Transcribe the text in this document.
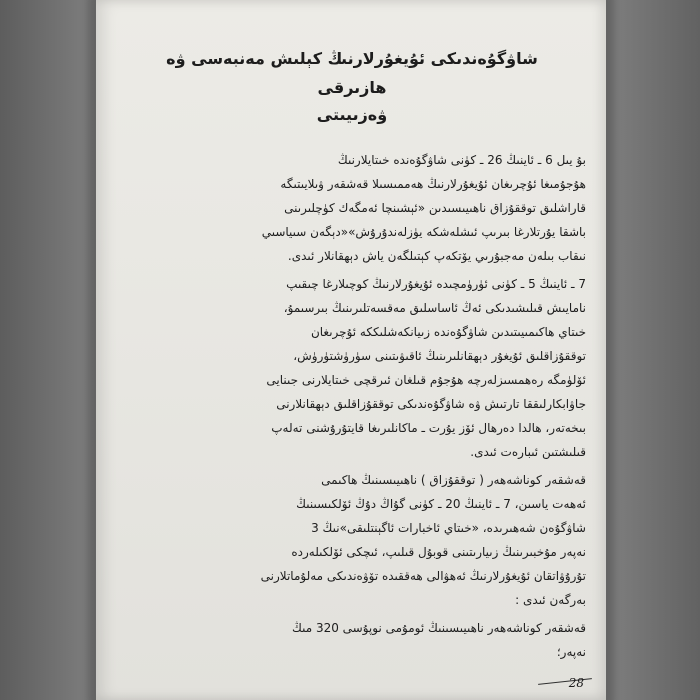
شاۋگۇەندىكى ئۇيغۇرلارنىڭ كېلىش مەنبەسى ۋە ھازىرقى
ۋەزىيىتى

بۇ يىل 6 ـ ئاينىڭ 26 ـ كۈنى شاۋگۇەندە خىتايلارنىڭ

ھۇجۇمىغا ئۇچرىغان ئۇيغۇرلارنىڭ ھەممىسىلا قەشقەر ۋىلايىتىگە

قاراشلىق توققۇزاق ناھىيىسىدىن «ئېشىنچا ئەمگەك كۈچلىرىنى

باشقا يۇرتلارغا بىرىپ ئىشلەشكە يۈزلەندۇرۇش»«دېگەن سىياسىي

نىقاب بىلەن مەجبۇرىي يۆتكەپ كېتىلگەن ياش دېھقانلار ئىدى.

7 ـ ئاينىڭ 5 ـ كۈنى ئۈرۈمچىدە ئۇيغۇرلارنىڭ كوچىلارغا چىقىپ

نامايىش قىلىشىدىكى ئەڭ ئاساسلىق مەقسەتلىرىنىڭ بىرسىمۇ،

خىتاي ھاكىمىيىتىدىن شاۋگۇەندە زىيانكەشلىككە ئۇچرىغان

توققۇزاقلىق ئۇيغۇر دېھقانلىرىنىڭ ئاقىۋىتىنى سۈرۈشتۈرۈش،

ئۆلۈمگە رەھمسىزلەرچە ھۇجۇم قىلغان ئىرقچى خىتايلارنى جىنايى

جاۋابكارلىققا تارتىش ۋە شاۋگۇەندىكى توققۇزاقلىق دېھقانلارنى

بىخەتەر، ھالدا دەرھال ئۆز يۇرت ـ ماكانلىرىغا قايتۇرۇشنى تەلەپ

قىلىشتىن ئىبارەت ئىدى.

قەشقەر كوناشەھەر ( توققۇزاق ) ناھىيىسىنىڭ ھاكىمى

ئەھەت ياسىن، 7 ـ ئاينىڭ 20 ـ كۈنى گۇاڭ دۇڭ ئۆلكىسىنىڭ

شاۋگۇەن شەھىرىدە، «خىتاي ئاخبارات ئاگېنتلىقى»نىڭ 3

نەپەر مۇخبىرىنىڭ زىيارىتىنى قوبۇل قىلىپ، ئىچكى ئۆلكىلەردە

تۇرۇۋاتقان ئۇيغۇرلارنىڭ ئەھۋالى ھەققىدە تۆۋەندىكى مەلۇماتلارنى

بەرگەن ئىدى :

قەشقەر كوناشەھەر ناھىيىسىنىڭ ئومۇمى نوپۇسى 320 مىڭ

نەپەر؛

28
